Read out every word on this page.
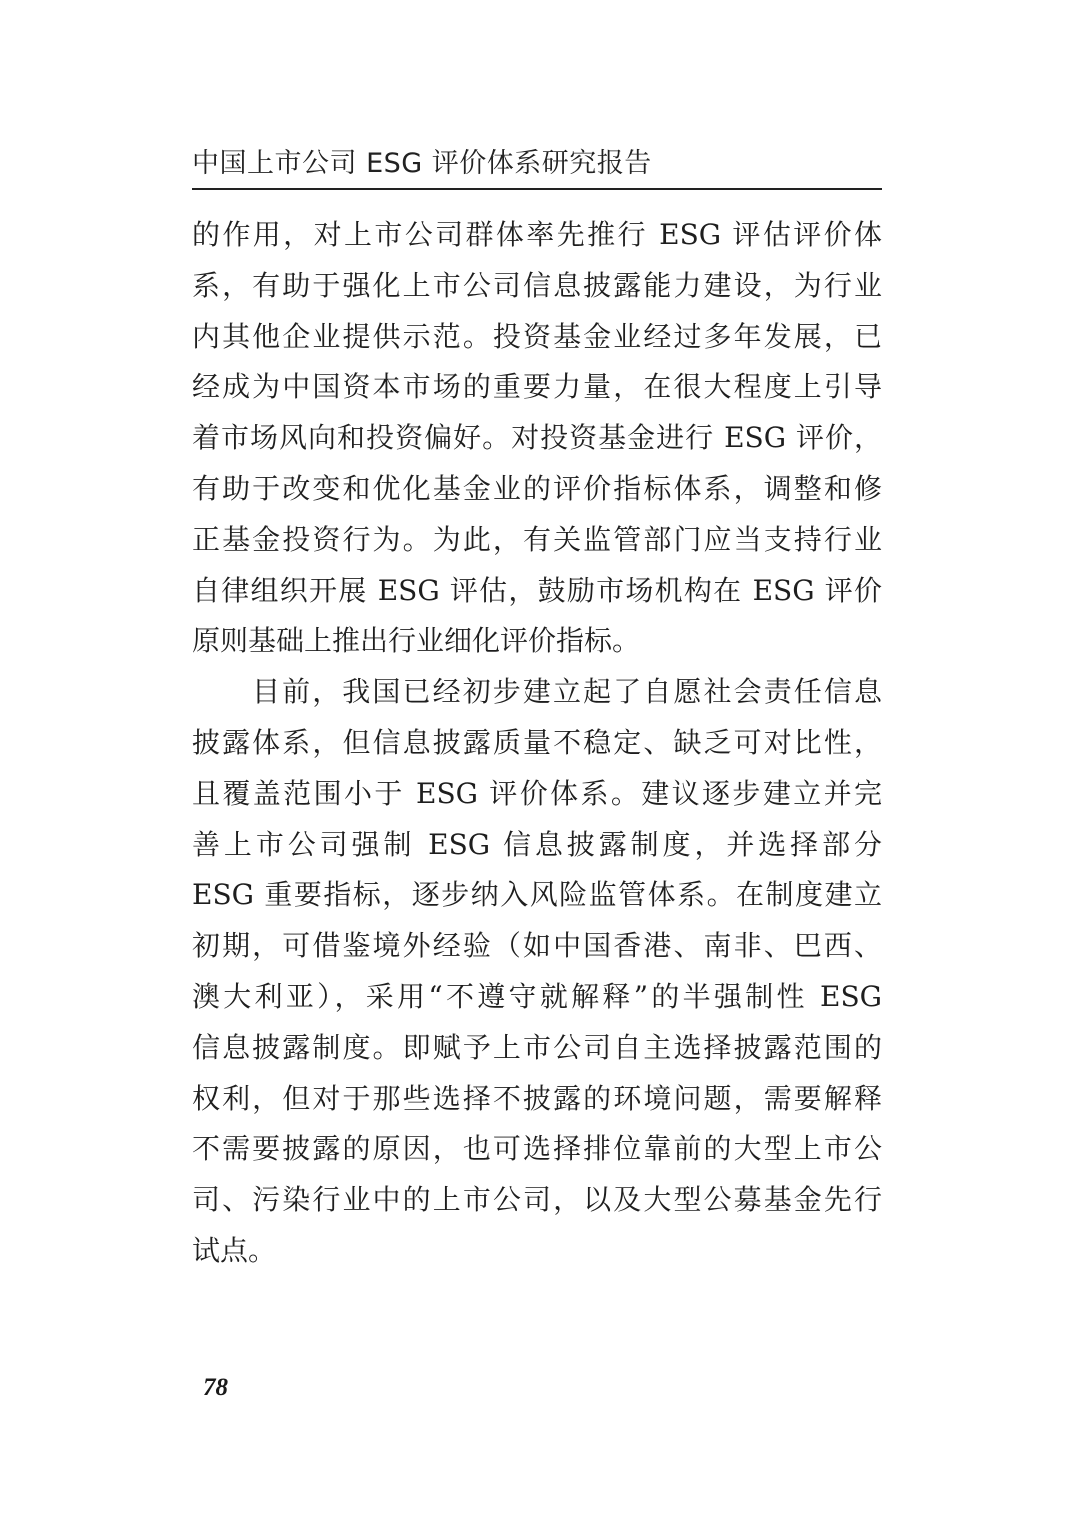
中国上市公司 ESG 评价体系研究报告
的作用，对上市公司群体率先推行 ESG 评估评价体
系，有助于强化上市公司信息披露能力建设，为行业
内其他企业提供示范。投资基金业经过多年发展，已
经成为中国资本市场的重要力量，在很大程度上引导
着市场风向和投资偏好。对投资基金进行 ESG 评价，
有助于改变和优化基金业的评价指标体系，调整和修
正基金投资行为。为此，有关监管部门应当支持行业
自律组织开展 ESG 评估，鼓励市场机构在 ESG 评价
原则基础上推出行业细化评价指标。
目前，我国已经初步建立起了自愿社会责任信息
披露体系，但信息披露质量不稳定、缺乏可对比性，
且覆盖范围小于 ESG 评价体系。建议逐步建立并完
善上市公司强制 ESG 信息披露制度，并选择部分
ESG 重要指标，逐步纳入风险监管体系。在制度建立
初期，可借鉴境外经验（如中国香港、南非、巴西、
澳大利亚），采用“不遵守就解释”的半强制性 ESG
信息披露制度。即赋予上市公司自主选择披露范围的
权利，但对于那些选择不披露的环境问题，需要解释
不需要披露的原因，也可选择排位靠前的大型上市公
司、污染行业中的上市公司，以及大型公募基金先行
试点。
78
